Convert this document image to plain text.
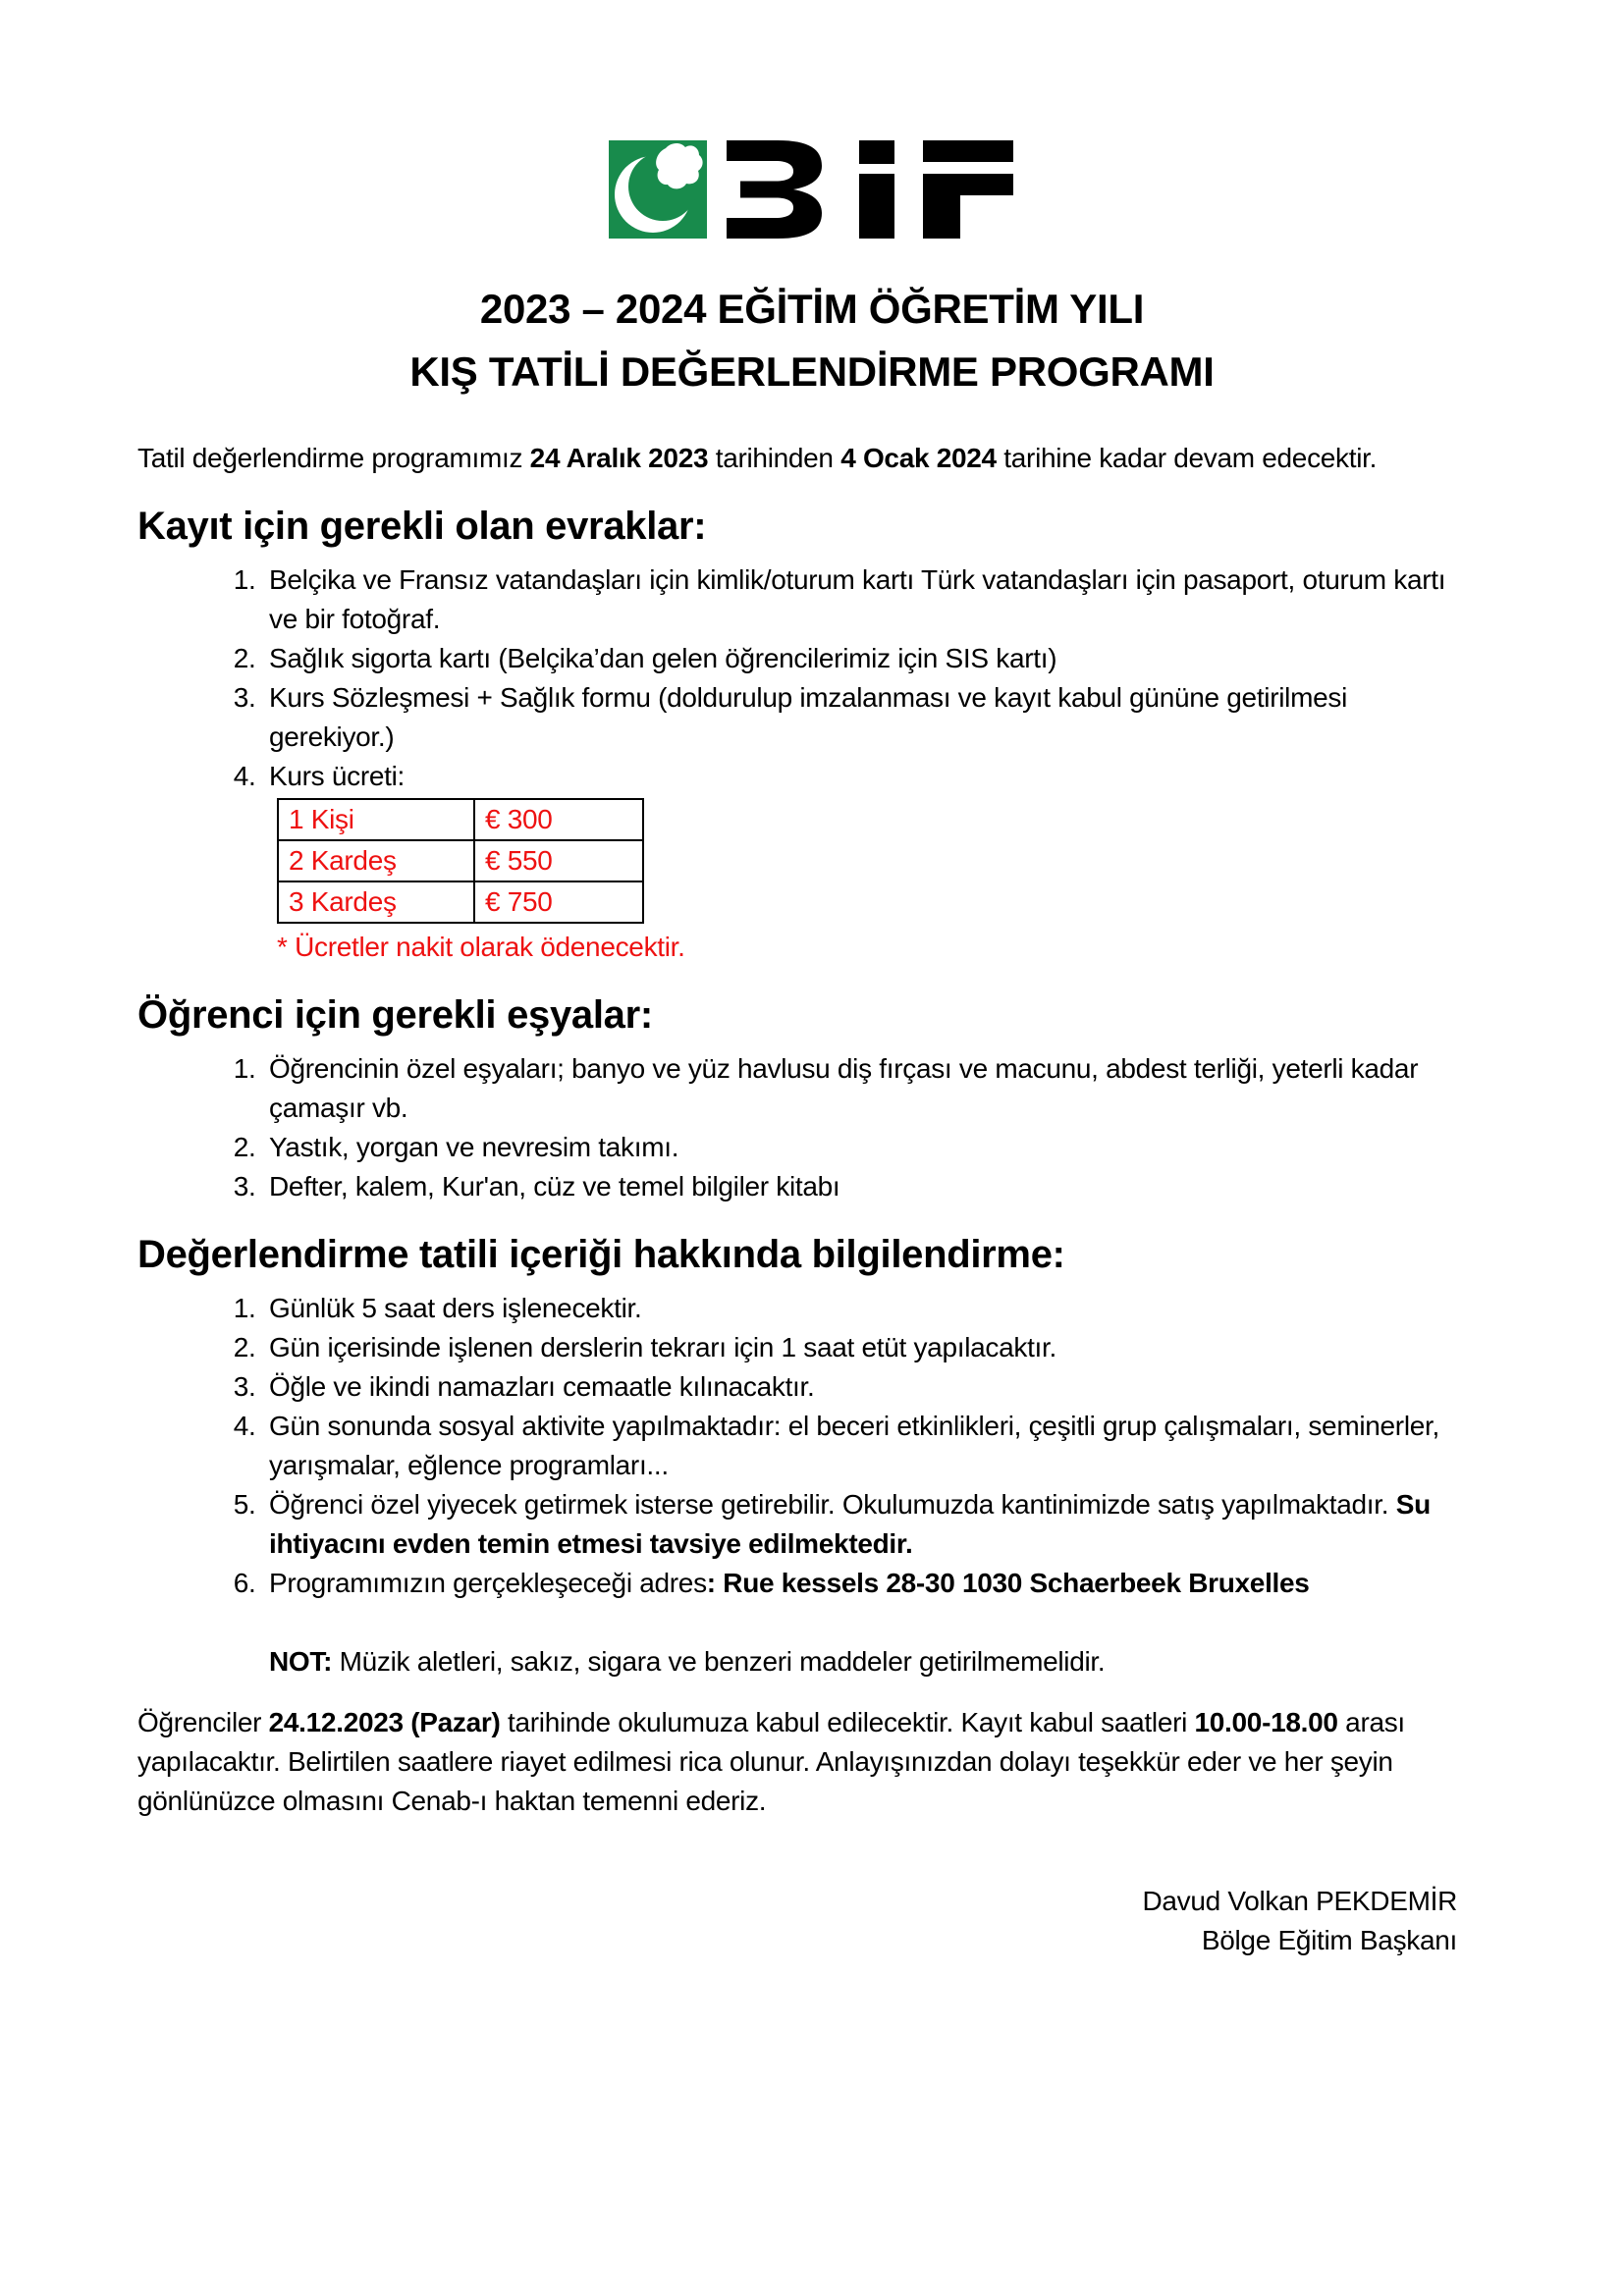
2023 – 2024 EĞİTİM ÖĞRETİM YILI
KIŞ TATİLİ DEĞERLENDİRME PROGRAMI

Tatil değerlendirme programımız 24 Aralık 2023 tarihinden 4 Ocak 2024 tarihine kadar devam edecektir.

Kayıt için gerekli olan evraklar:
1. Belçika ve Fransız vatandaşları için kimlik/oturum kartı Türk vatandaşları için pasaport, oturum kartı ve bir fotoğraf.
2. Sağlık sigorta kartı (Belçika’dan gelen öğrencilerimiz için SIS kartı)
3. Kurs Sözleşmesi + Sağlık formu (doldurulup imzalanması ve kayıt kabul gününe getirilmesi gerekiyor.)
4. Kurs ücreti:
1 Kişi	€ 300
2 Kardeş	€ 550
3 Kardeş	€ 750

* Ücretler nakit olarak ödenecektir.

Öğrenci için gerekli eşyalar:
1. Öğrencinin özel eşyaları; banyo ve yüz havlusu diş fırçası ve macunu, abdest terliği, yeterli kadar çamaşır vb.
2. Yastık, yorgan ve nevresim takımı.
3. Defter, kalem, Kur'an, cüz ve temel bilgiler kitabı
Değerlendirme tatili içeriği hakkında bilgilendirme:
1. Günlük 5 saat ders işlenecektir.
2. Gün içerisinde işlenen derslerin tekrarı için 1 saat etüt yapılacaktır.
3. Öğle ve ikindi namazları cemaatle kılınacaktır.
4. Gün sonunda sosyal aktivite yapılmaktadır: el beceri etkinlikleri, çeşitli grup çalışmaları, seminerler, yarışmalar, eğlence programları...
5. Öğrenci özel yiyecek getirmek isterse getirebilir. Okulumuzda kantinimizde satış yapılmaktadır. Su ihtiyacını evden temin etmesi tavsiye edilmektedir.
6. Programımızın gerçekleşeceği adres: Rue kessels 28-30 1030 Schaerbeek Bruxelles

NOT: Müzik aletleri, sakız, sigara ve benzeri maddeler getirilmemelidir.

Öğrenciler 24.12.2023 (Pazar) tarihinde okulumuza kabul edilecektir. Kayıt kabul saatleri 10.00-18.00 arası yapılacaktır. Belirtilen saatlere riayet edilmesi rica olunur. Anlayışınızdan dolayı teşekkür eder ve her şeyin gönlünüzce olmasını Cenab-ı haktan temenni ederiz.

Davud Volkan PEKDEMİR
Bölge Eğitim Başkanı
